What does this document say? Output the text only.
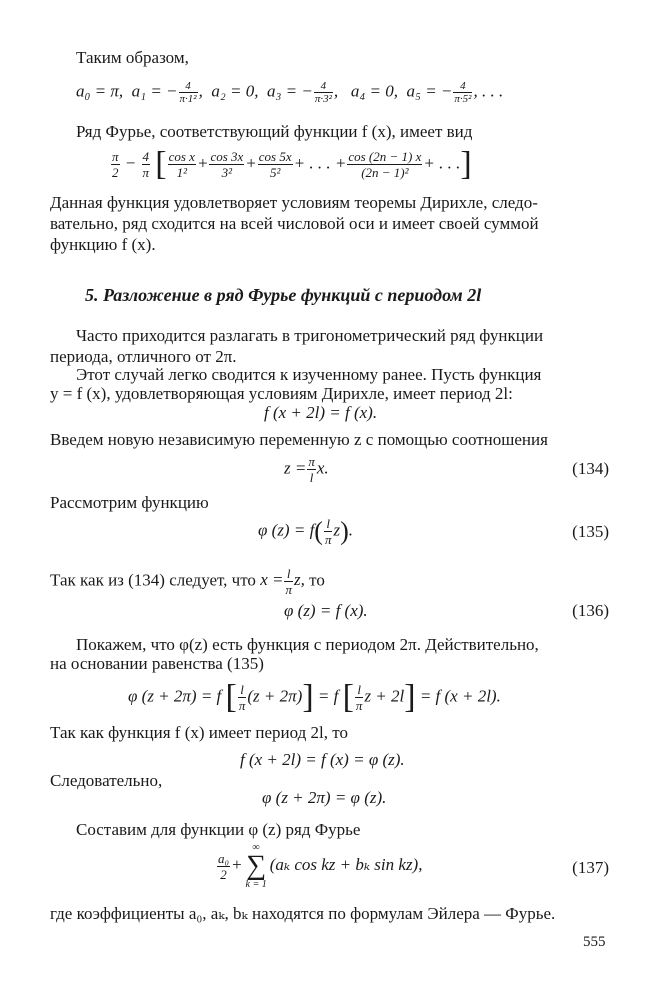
Таким образом,
a₀ = π, a₁ = − $\frac{4}{\text{π·1²}}$ ,  a₂ = 0, a₃ = − $\frac{4}{\text{π·3²}}$ ,   a₄ = 0, a₅ = − $\frac{4}{\text{π·5²}}$ , . . .
Ряд Фурье, соответствующий функции f (x), имеет вид
$\frac{\pi}{2} - \frac{4}{\pi}$ [ $\frac{\text{cos x}}{\text{1²}} + \frac{\cos 3x}{\text{3²}} + \frac{\cos 5x}{\text{5²}}$ + . . . + $\frac{\cos (2n - 1) x}{\text{(2n − 1)²}}$ + . . .]
Данная функция удовлетворяет условиям теоремы Дирихле, следо-
вательно, ряд сходится на всей числовой оси и имеет своей суммой
функцию f (x).
5. Разложение в ряд Фурье функций с периодом 2l
Часто приходится разлагать в тригонометрический ряд функции
периода, отличного от 2π.
Этот случай легко сводится к изученному ранее. Пусть функция
y = f (x), удовлетворяющая условиям Дирихле, имеет период 2l:
f (x + 2l) = f (x).
Введем новую независимую переменную z с помощью соотношения
$z = \frac{\pi}{l} x$.	(134)
Рассмотрим функцию
φ $(z) = f( \frac{l}{\pi} z)$.	(135)
Так как из (134) следует, что $x = \frac{l}{\pi} z$, то
φ (z) = f (x).	(136)
Покажем, что φ(z) есть функция с периодом 2π. Действительно,
на основании равенства (135)
φ (z + 2π) = f [ $\frac{l}{\pi} (z + 2\pi)] = f$ [ $\frac{l}{\pi}$ z + 2l] = f (x + 2l).
Так как функция f (x) имеет период 2l, то
f (x + 2l) = f (x) = φ (z).
Следовательно,
φ (z + 2π) = φ (z).
Составим для функции φ (z) ряд Фурье
$\frac{\text{a₀}}{2}$ +∞
∑
k = 1(aₖ cos kz + bₖ sin kz),	(137)
где коэффициенты a₀, aₖ, bₖ находятся по формулам Эйлера — Фурье.
555
